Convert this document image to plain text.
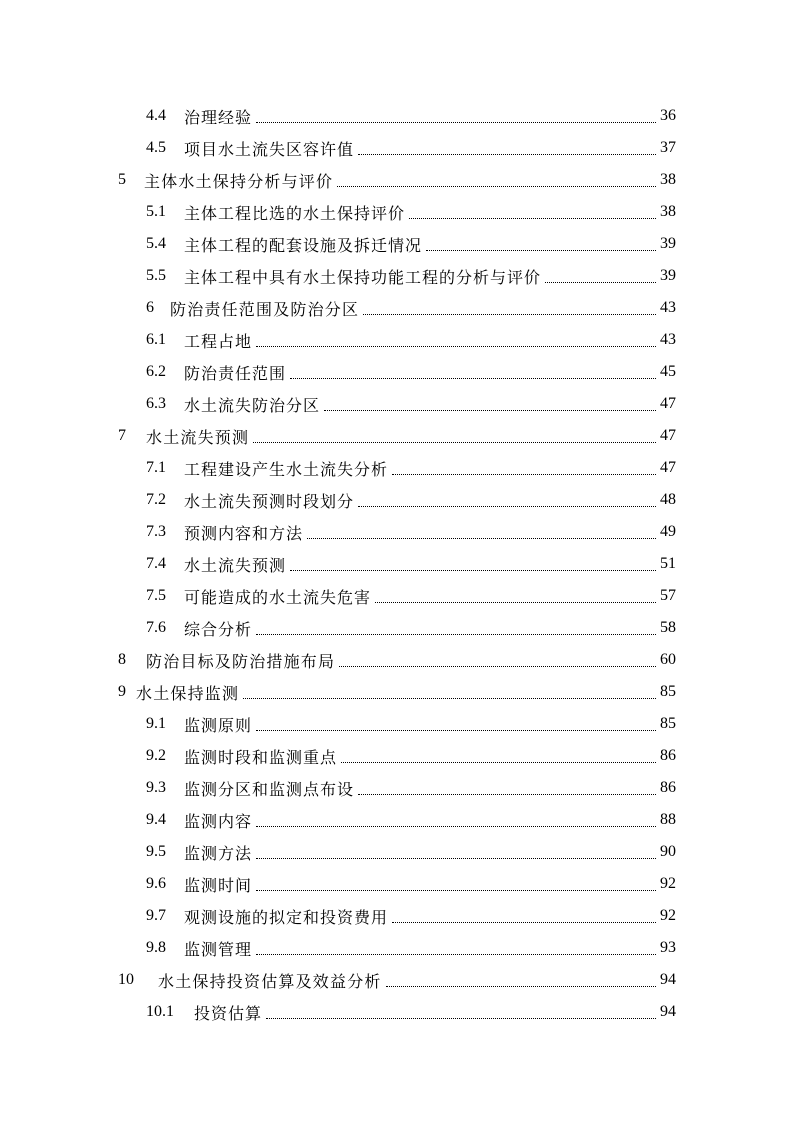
4.4	治理经验	36
4.5	项目水土流失区容许值	37
5	主体水土保持分析与评价	38
5.1	主体工程比选的水土保持评价	38
5.4	主体工程的配套设施及拆迁情况	39
5.5	主体工程中具有水土保持功能工程的分析与评价	39
6	防治责任范围及防治分区	43
6.1	工程占地	43
6.2	防治责任范围	45
6.3	水土流失防治分区	47
7	水土流失预测	47
7.1	工程建设产生水土流失分析	47
7.2	水土流失预测时段划分	48
7.3	预测内容和方法	49
7.4	水土流失预测	51
7.5	可能造成的水土流失危害	57
7.6	综合分析	58
8	防治目标及防治措施布局	60
9 水土保持监测	85
9.1	监测原则	85
9.2	监测时段和监测重点	86
9.3	监测分区和监测点布设	86
9.4	监测内容	88
9.5	监测方法	90
9.6	监测时间	92
9.7	观测设施的拟定和投资费用	92
9.8	监测管理	93
10	水土保持投资估算及效益分析	94
10.1	投资估算	94
